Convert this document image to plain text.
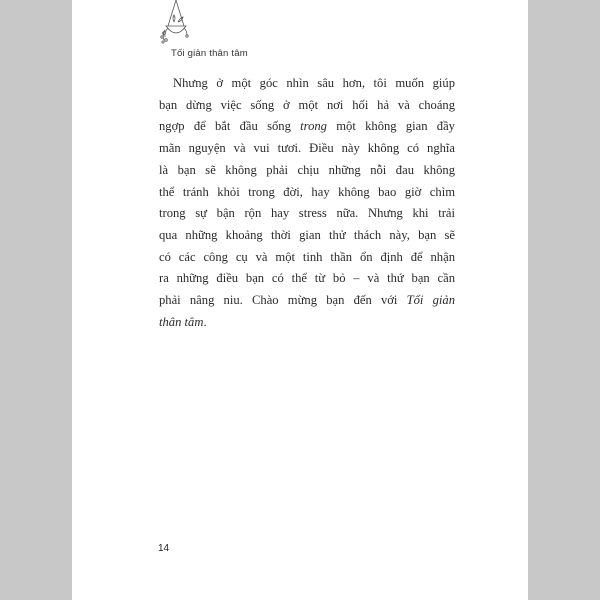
Tối giản thân tâm
Nhưng ở một góc nhìn sâu hơn, tôi muốn giúp
bạn dừng việc sống ở một nơi hối hả và choáng
ngợp để bắt đầu sống trong một không gian đầy
mãn nguyện và vui tươi. Điều này không có nghĩa
là bạn sẽ không phải chịu những nỗi đau không
thể tránh khỏi trong đời, hay không bao giờ chìm
trong sự bận rộn hay stress nữa. Nhưng khi trải
qua những khoảng thời gian thử thách này, bạn sẽ
có các công cụ và một tinh thần ổn định để nhận
ra những điều bạn có thể từ bỏ – và thứ bạn cần
phải nâng niu. Chào mừng bạn đến với Tối giản
thân tâm.
14
